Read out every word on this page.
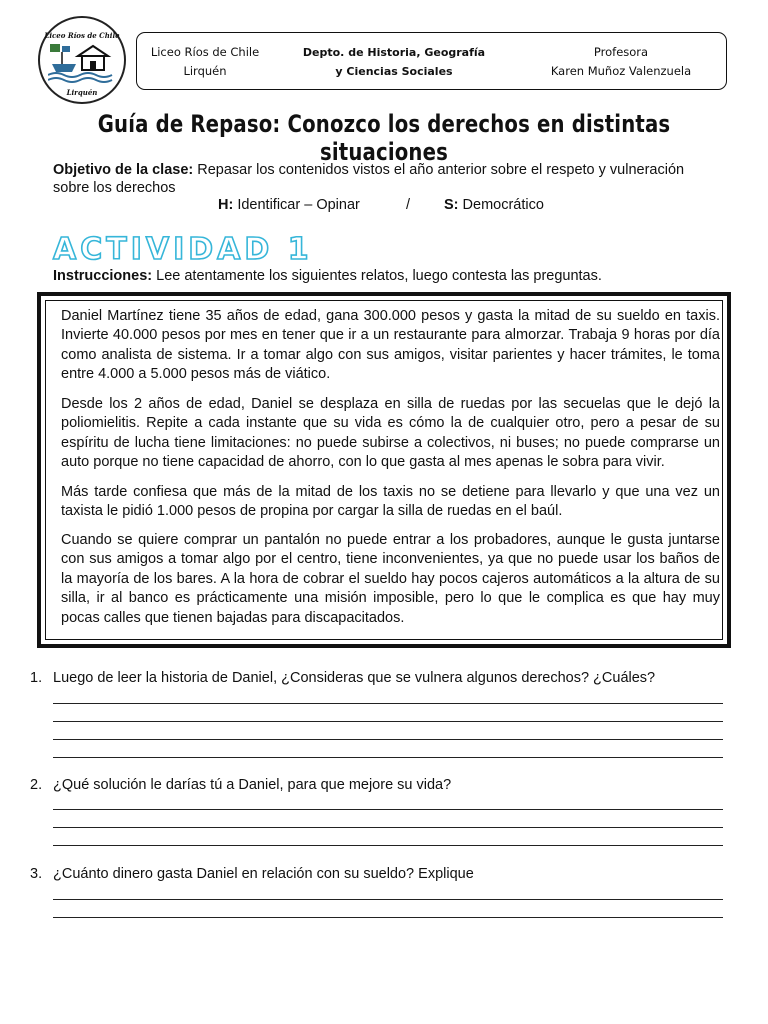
Liceo Ríos de Chile
Lirquén
Liceo Ríos de Chile
Lirquén
Depto. de Historia, Geografía
y Ciencias Sociales
Profesora
Karen Muñoz Valenzuela
Guía de Repaso: Conozco los derechos en distintas situaciones
Objetivo de la clase: Repasar los contenidos vistos el año anterior sobre el respeto y vulneración sobre los derechos
H: Identificar – Opinar	/ S: Democrático
ACTIVIDAD 1
Instrucciones: Lee atentamente los siguientes relatos, luego contesta las preguntas.
Daniel Martínez tiene 35 años de edad, gana 300.000 pesos y gasta la mitad de su sueldo en taxis. Invierte 40.000 pesos por mes en tener que ir a un restaurante para almorzar. Trabaja 9 horas por día como analista de sistema. Ir a tomar algo con sus amigos, visitar parientes y hacer trámites, le toma entre 4.000 a 5.000 pesos más de viático.
Desde los 2 años de edad, Daniel se desplaza en silla de ruedas por las secuelas que le dejó la poliomielitis. Repite a cada instante que su vida es cómo la de cualquier otro, pero a pesar de su espíritu de lucha tiene limitaciones: no puede subirse a colectivos, ni buses; no puede comprarse un auto porque no tiene capacidad de ahorro, con lo que gasta al mes apenas le sobra para vivir.
Más tarde confiesa que más de la mitad de los taxis no se detiene para llevarlo y que una vez un taxista le pidió 1.000 pesos de propina por cargar la silla de ruedas en el baúl.
Cuando se quiere comprar un pantalón no puede entrar a los probadores, aunque le gusta juntarse con sus amigos a tomar algo por el centro, tiene inconvenientes, ya que no puede usar los baños de la mayoría de los bares. A la hora de cobrar el sueldo hay pocos cajeros automáticos a la altura de su silla, ir al banco es prácticamente una misión imposible, pero lo que le complica es que hay muy pocas calles que tienen bajadas para discapacitados.
1. Luego de leer la historia de Daniel, ¿Consideras que se vulnera algunos derechos? ¿Cuáles?
2. ¿Qué solución le darías tú a Daniel, para que mejore su vida?
3. ¿Cuánto dinero gasta Daniel en relación con su sueldo? Explique
